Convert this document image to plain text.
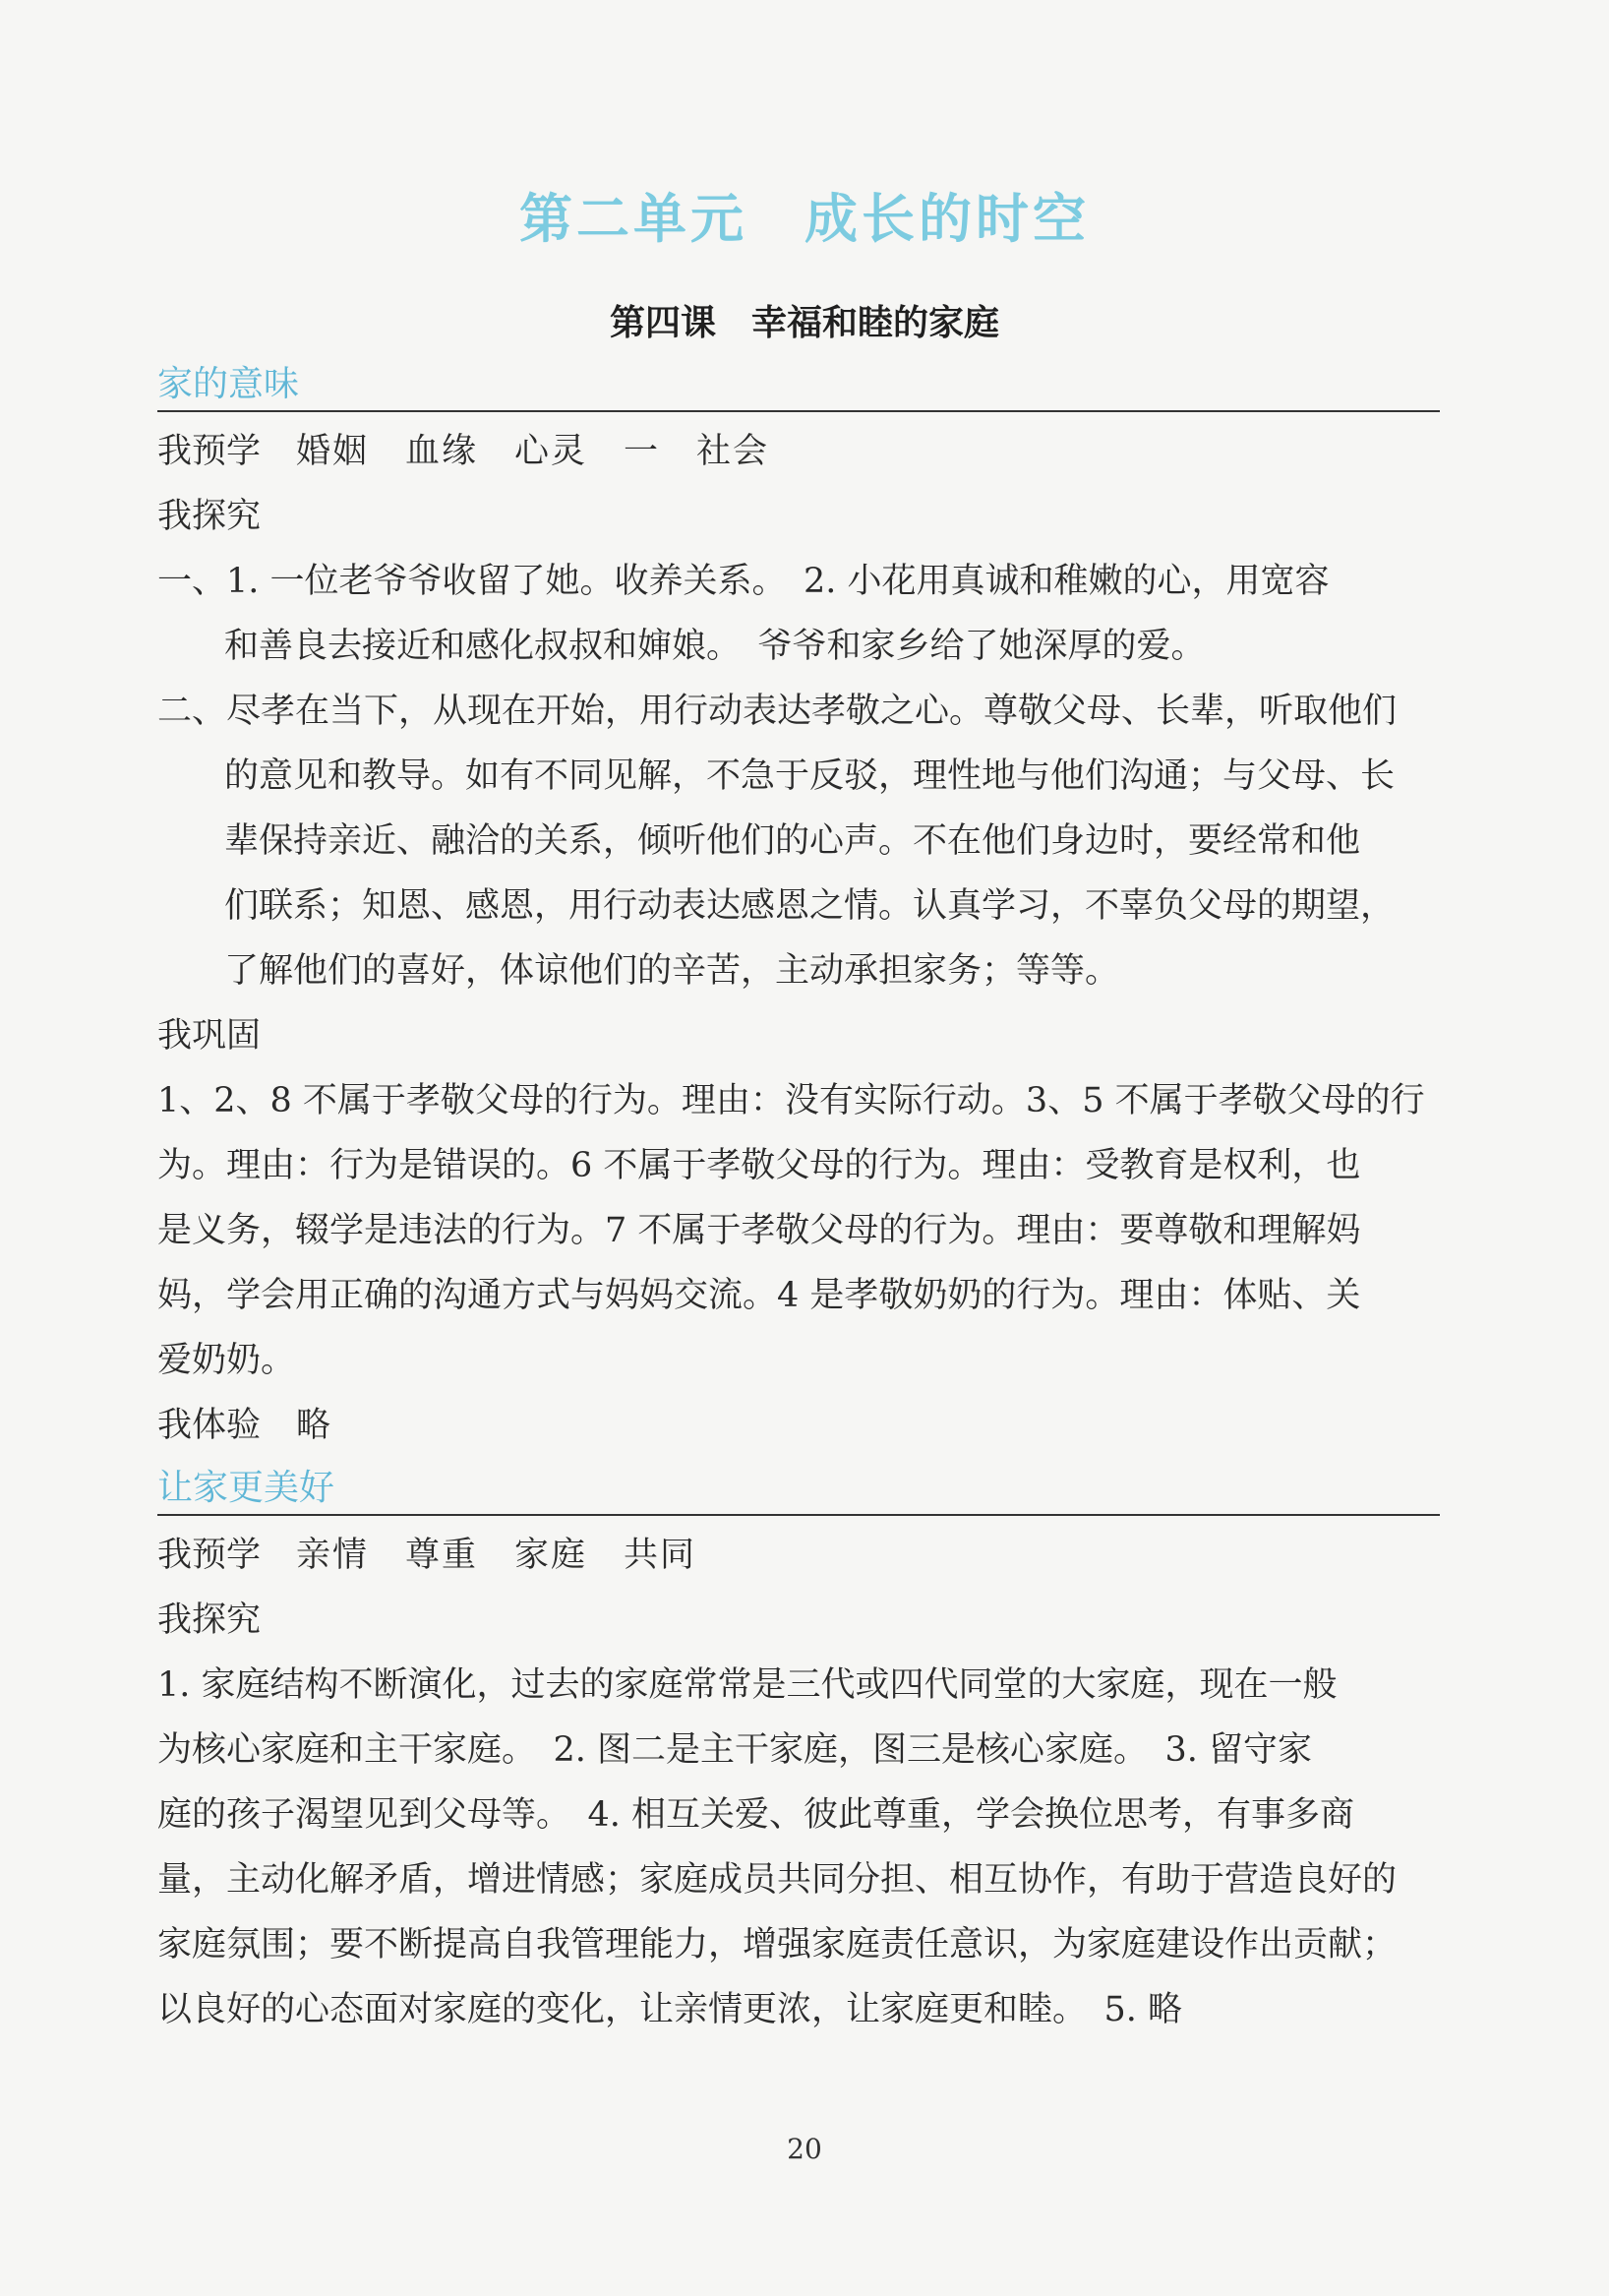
第二单元　成长的时空
第四课　幸福和睦的家庭
家的意味
我预学 婚姻　血缘　心灵　一　社会
我探究
一、1. 一位老爷爷收留了她。收养关系。　2. 小花用真诚和稚嫩的心，用宽容
和善良去接近和感化叔叔和婶娘。　爷爷和家乡给了她深厚的爱。
二、尽孝在当下，从现在开始，用行动表达孝敬之心。尊敬父母、长辈，听取他们
的意见和教导。如有不同见解，不急于反驳，理性地与他们沟通；与父母、长
辈保持亲近、融洽的关系，倾听他们的心声。不在他们身边时，要经常和他
们联系；知恩、感恩，用行动表达感恩之情。认真学习，不辜负父母的期望，
了解他们的喜好，体谅他们的辛苦，主动承担家务；等等。
我巩固
1、2、8 不属于孝敬父母的行为。理由：没有实际行动。3、5 不属于孝敬父母的行
为。理由：行为是错误的。6 不属于孝敬父母的行为。理由：受教育是权利，也
是义务，辍学是违法的行为。7 不属于孝敬父母的行为。理由：要尊敬和理解妈
妈，学会用正确的沟通方式与妈妈交流。4 是孝敬奶奶的行为。理由：体贴、关
爱奶奶。
我体验 略
让家更美好
我预学 亲情　尊重　家庭　共同
我探究
1. 家庭结构不断演化，过去的家庭常常是三代或四代同堂的大家庭，现在一般
为核心家庭和主干家庭。　2. 图二是主干家庭，图三是核心家庭。　3. 留守家
庭的孩子渴望见到父母等。　4. 相互关爱、彼此尊重，学会换位思考，有事多商
量，主动化解矛盾，增进情感；家庭成员共同分担、相互协作，有助于营造良好的
家庭氛围；要不断提高自我管理能力，增强家庭责任意识，为家庭建设作出贡献；
以良好的心态面对家庭的变化，让亲情更浓，让家庭更和睦。　5. 略
20
